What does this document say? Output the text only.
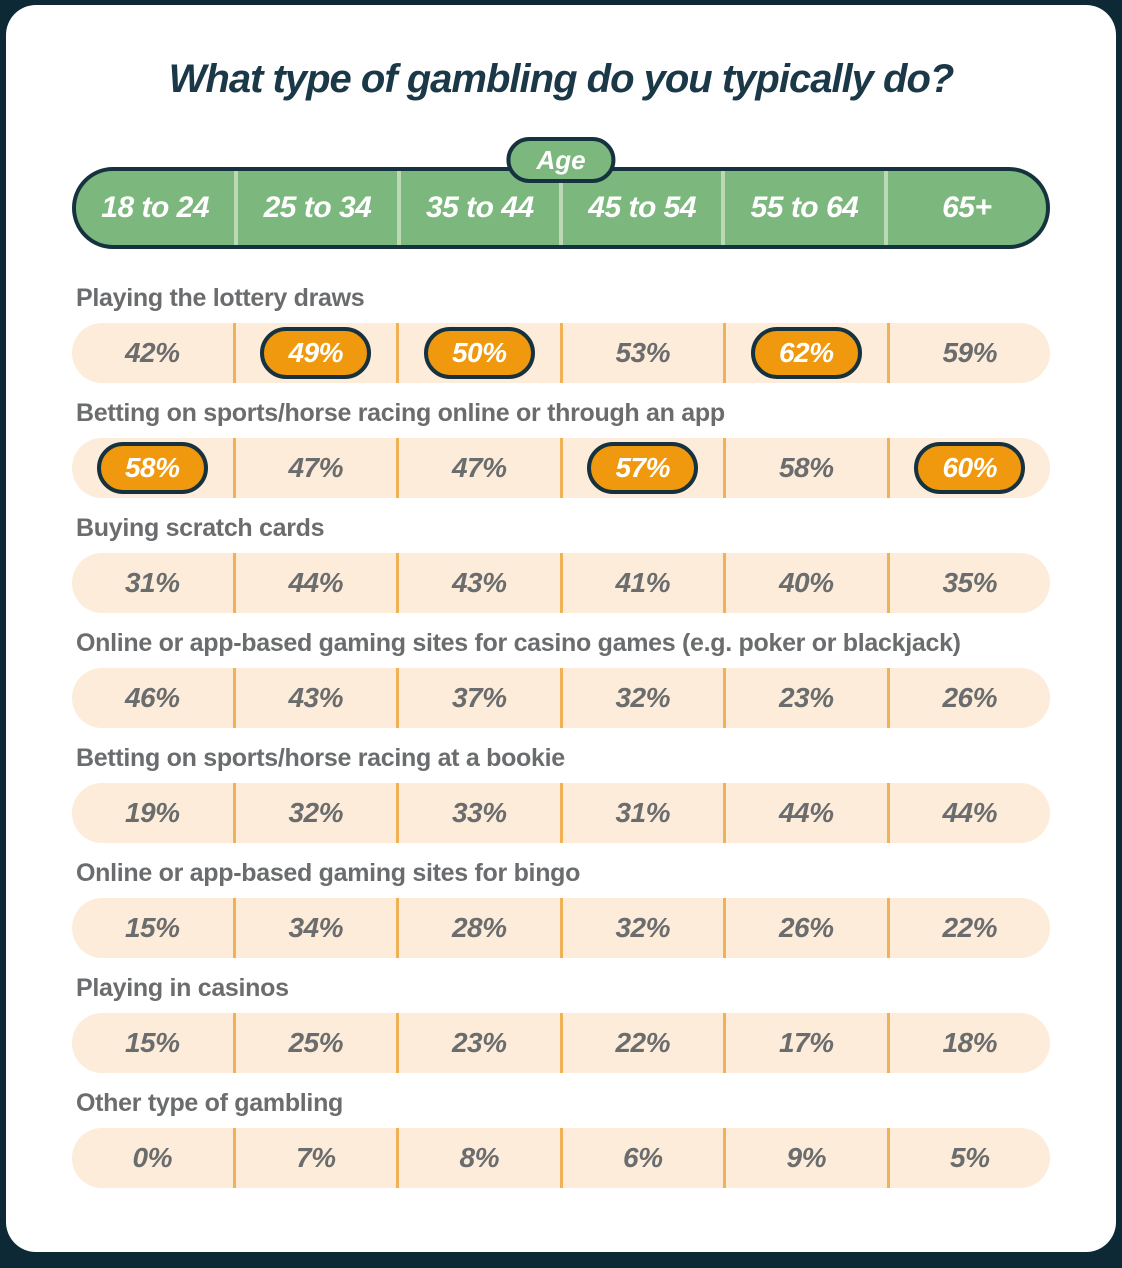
What type of gambling do you typically do?
Age
18 to 24	25 to 34	35 to 44	45 to 54	55 to 64	65+
Playing the lottery draws
42%	49%	50%	53%	62%	59%
Betting on sports/horse racing online or through an app
58%	47%	47%	57%	58%	60%
Buying scratch cards
31%	44%	43%	41%	40%	35%
Online or app-based gaming sites for casino games (e.g. poker or blackjack)
46%	43%	37%	32%	23%	26%
Betting on sports/horse racing at a bookie
19%	32%	33%	31%	44%	44%
Online or app-based gaming sites for bingo
15%	34%	28%	32%	26%	22%
Playing in casinos
15%	25%	23%	22%	17%	18%
Other type of gambling
0%	7%	8%	6%	9%	5%
